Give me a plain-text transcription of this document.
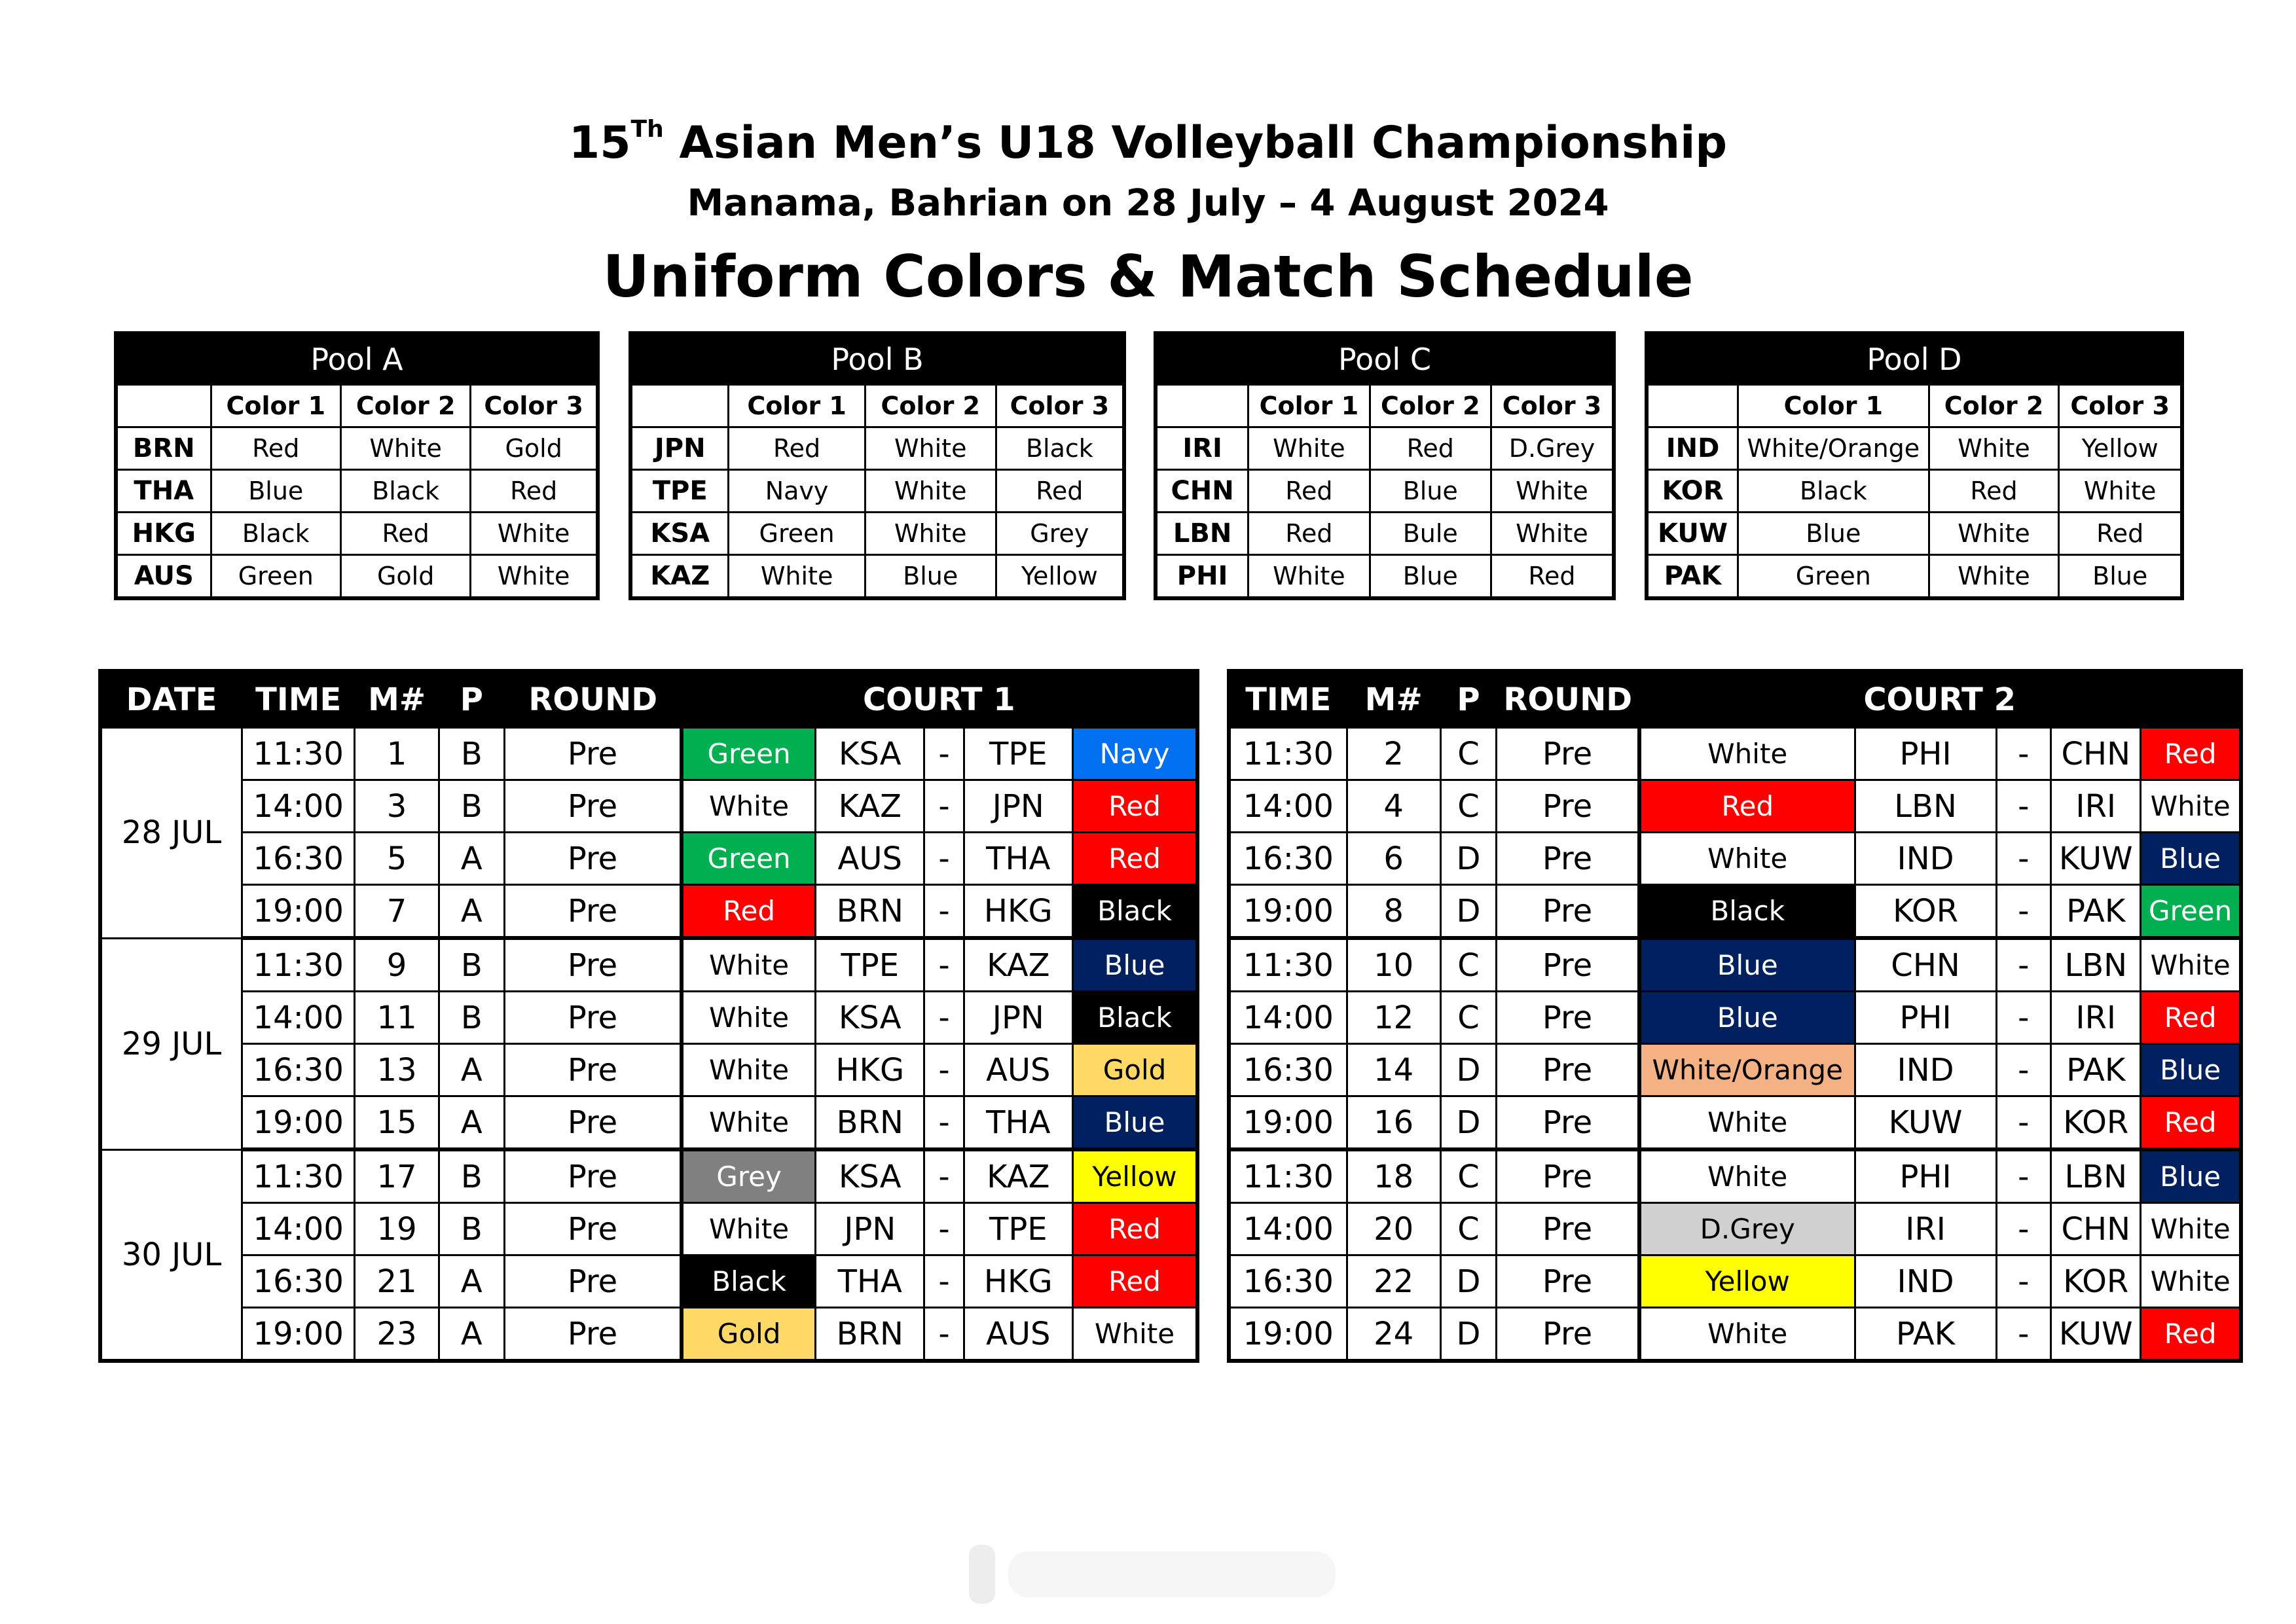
15Th Asian Men’s U18 Volleyball Championship
Manama, Bahrian on 28 July – 4 August 2024
Uniform Colors & Match Schedule
Pool A			
	Color 1	Color 2	Color 3
BRN	Red	White	Gold
THA	Blue	Black	Red
HKG	Black	Red	White
AUS	Green	Gold	White
Pool B			
	Color 1	Color 2	Color 3
JPN	Red	White	Black
TPE	Navy	White	Red
KSA	Green	White	Grey
KAZ	White	Blue	Yellow
Pool C			
	Color 1	Color 2	Color 3
IRI	White	Red	D.Grey
CHN	Red	Blue	White
LBN	Red	Bule	White
PHI	White	Blue	Red
Pool D			
	Color 1	Color 2	Color 3
IND	White/Orange	White	Yellow
KOR	Black	Red	White
KUW	Blue	White	Red
PAK	Green	White	Blue
DATE	TIME	M#	P	ROUND	COURT 1				
28 JUL	11:30	1	B	Pre	Green	KSA	-	TPE	Navy
	14:00	3	B	Pre	White	KAZ	-	JPN	Red
	16:30	5	A	Pre	Green	AUS	-	THA	Red
	19:00	7	A	Pre	Red	BRN	-	HKG	Black
29 JUL	11:30	9	B	Pre	White	TPE	-	KAZ	Blue
	14:00	11	B	Pre	White	KSA	-	JPN	Black
	16:30	13	A	Pre	White	HKG	-	AUS	Gold
	19:00	15	A	Pre	White	BRN	-	THA	Blue
30 JUL	11:30	17	B	Pre	Grey	KSA	-	KAZ	Yellow
	14:00	19	B	Pre	White	JPN	-	TPE	Red
	16:30	21	A	Pre	Black	THA	-	HKG	Red
	19:00	23	A	Pre	Gold	BRN	-	AUS	White
TIME	M#	P	ROUND	COURT 2				
11:30	2	C	Pre	White	PHI	-	CHN	Red
14:00	4	C	Pre	Red	LBN	-	IRI	White
16:30	6	D	Pre	White	IND	-	KUW	Blue
19:00	8	D	Pre	Black	KOR	-	PAK	Green
11:30	10	C	Pre	Blue	CHN	-	LBN	White
14:00	12	C	Pre	Blue	PHI	-	IRI	Red
16:30	14	D	Pre	White/Orange	IND	-	PAK	Blue
19:00	16	D	Pre	White	KUW	-	KOR	Red
11:30	18	C	Pre	White	PHI	-	LBN	Blue
14:00	20	C	Pre	D.Grey	IRI	-	CHN	White
16:30	22	D	Pre	Yellow	IND	-	KOR	White
19:00	24	D	Pre	White	PAK	-	KUW	Red
